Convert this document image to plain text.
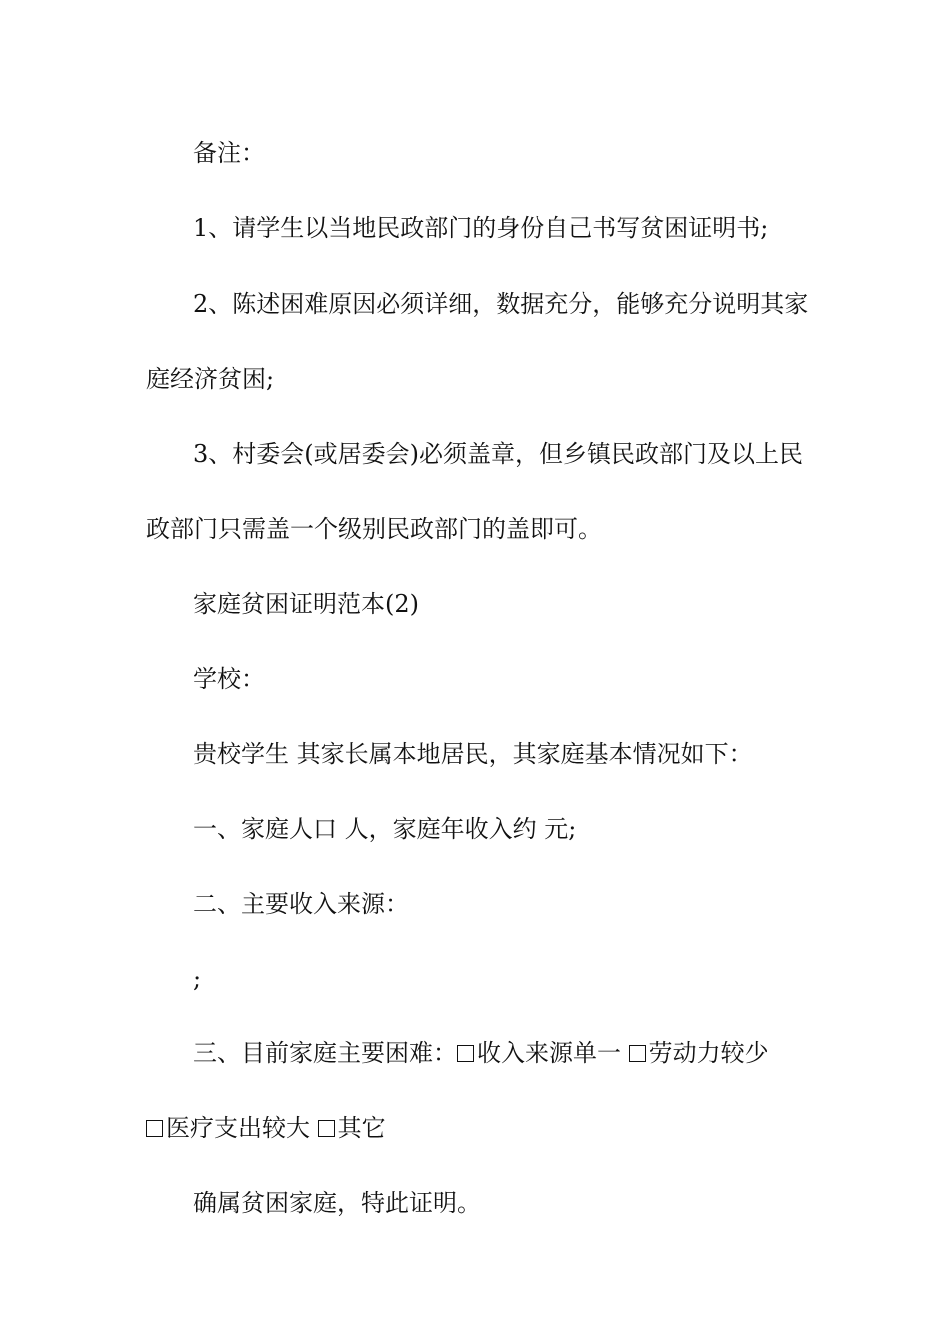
备注：

1、请学生以当地民政部门的身份自己书写贫困证明书;

2、陈述困难原因必须详细，数据充分，能够充分说明其家

庭经济贫困;

3、村委会(或居委会)必须盖章，但乡镇民政部门及以上民

政部门只需盖一个级别民政部门的盖即可。

家庭贫困证明范本(2)

学校：

贵校学生 其家长属本地居民，其家庭基本情况如下：

一、家庭人口 人，家庭年收入约 元;

二、主要收入来源：

;

三、目前家庭主要困难： 收入来源单一 劳动力较少

医疗支出较大 其它

确属贫困家庭，特此证明。
